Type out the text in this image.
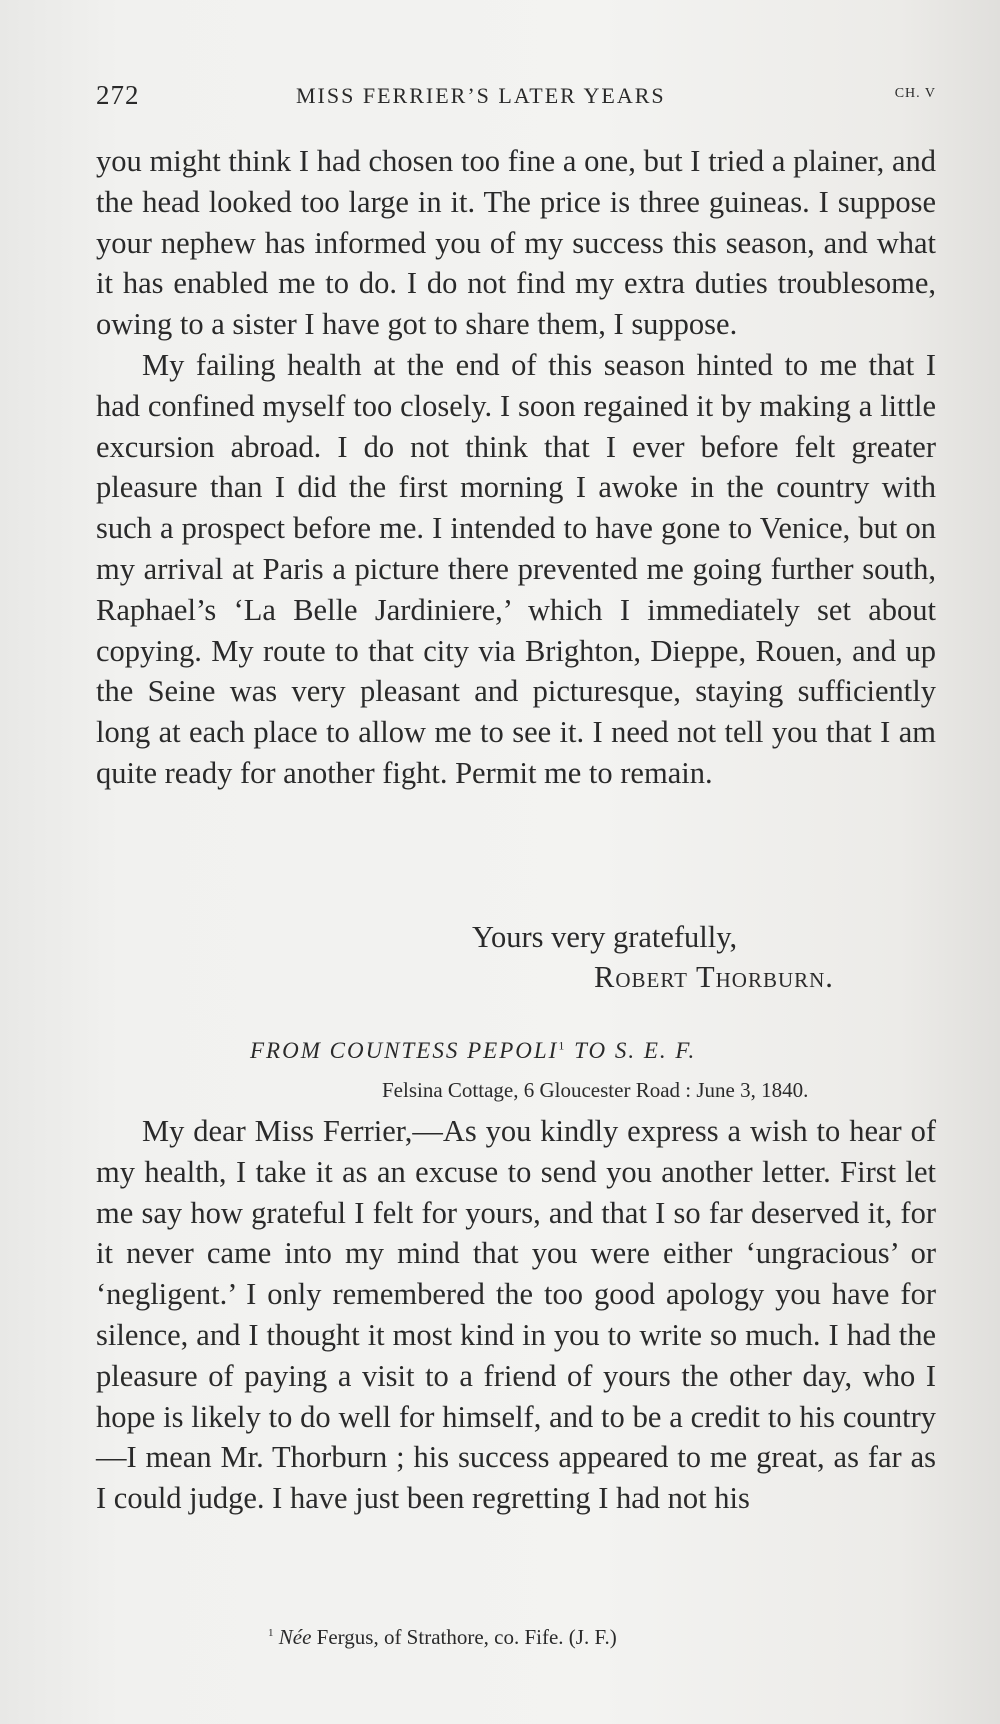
272	MISS FERRIER’S LATER YEARS	CH. V

you might think I had chosen too fine a one, but I tried a plainer, and the head looked too large in it. The price is three guineas. I suppose your nephew has informed you of my success this season, and what it has enabled me to do. I do not find my extra duties troublesome, owing to a sister I have got to share them, I suppose.

My failing health at the end of this season hinted to me that I had confined myself too closely. I soon regained it by making a little excursion abroad. I do not think that I ever before felt greater pleasure than I did the first morning I awoke in the country with such a prospect before me. I intended to have gone to Venice, but on my arrival at Paris a picture there prevented me going further south, Raphael’s ‘La Belle Jardiniere,’ which I immediately set about copying. My route to that city via Brighton, Dieppe, Rouen, and up the Seine was very pleasant and picturesque, staying sufficiently long at each place to allow me to see it. I need not tell you that I am quite ready for another fight. Permit me to remain.

Yours very gratefully,
Robert Thorburn.
FROM COUNTESS PEPOLI$^1$ TO S. E. F.
Felsina Cottage, 6 Gloucester Road : June 3, 1840.

My dear Miss Ferrier,—As you kindly express a wish to hear of my health, I take it as an excuse to send you another letter. First let me say how grateful I felt for yours, and that I so far deserved it, for it never came into my mind that you were either ‘ungracious’ or ‘negligent.’ I only remembered the too good apology you have for silence, and I thought it most kind in you to write so much. I had the pleasure of paying a visit to a friend of yours the other day, who I hope is likely to do well for himself, and to be a credit to his country—I mean Mr. Thorburn ; his success appeared to me great, as far as I could judge. I have just been regretting I had not his

$^1$ Née Fergus, of Strathore, co. Fife. (J. F.)
